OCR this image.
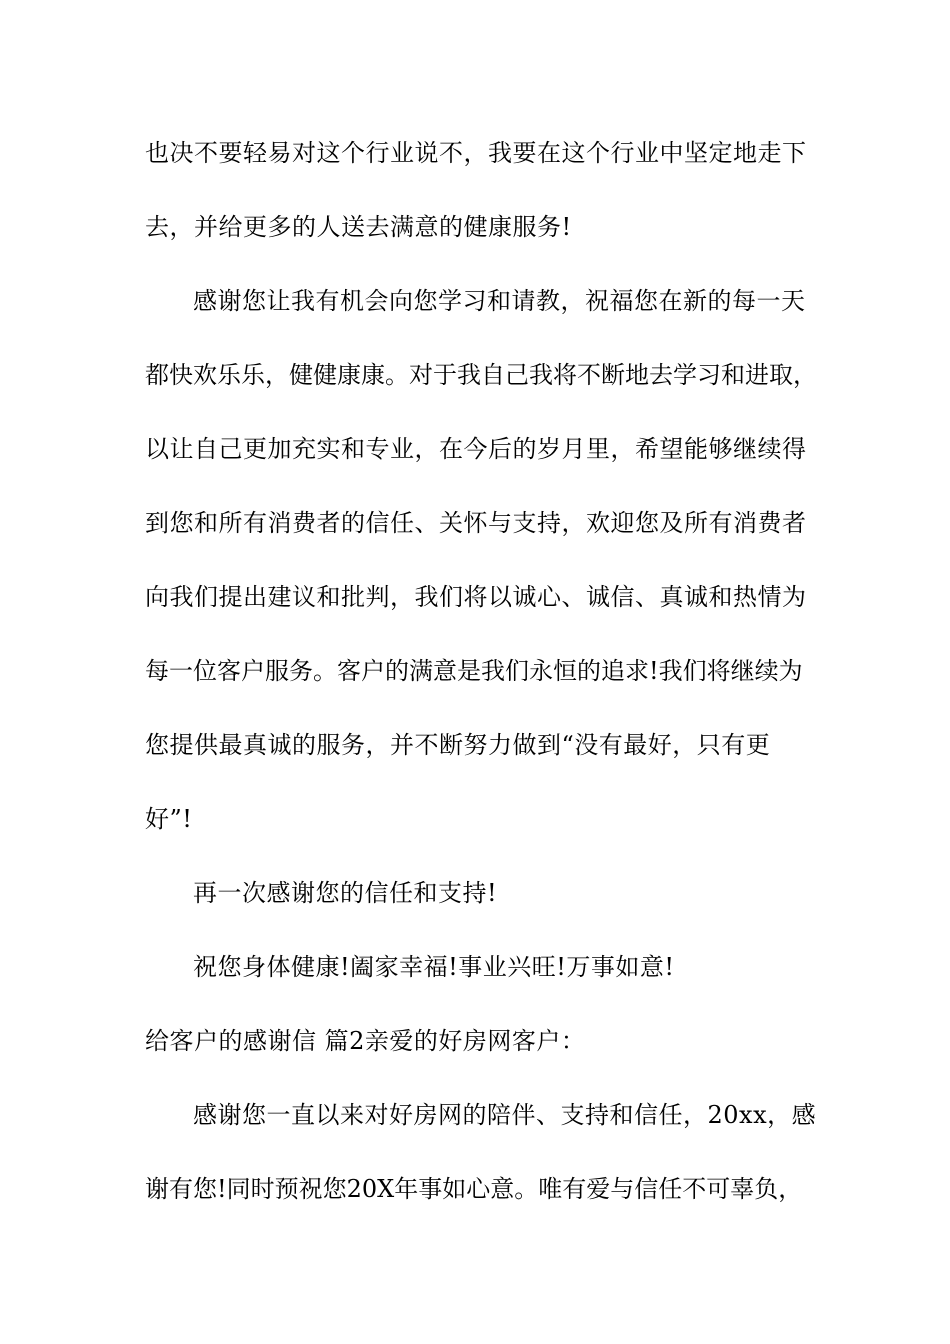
也决不要轻易对这个行业说不，我要在这个行业中坚定地走下
去，并给更多的人送去满意的健康服务!
感谢您让我有机会向您学习和请教，祝福您在新的每一天
都快欢乐乐，健健康康。对于我自己我将不断地去学习和进取，
以让自己更加充实和专业，在今后的岁月里，希望能够继续得
到您和所有消费者的信任、关怀与支持，欢迎您及所有消费者
向我们提出建议和批判，我们将以诚心、诚信、真诚和热情为
每一位客户服务。客户的满意是我们永恒的追求!我们将继续为
您提供最真诚的服务，并不断努力做到“没有最好，只有更
好”!
再一次感谢您的信任和支持!
祝您身体健康!阖家幸福!事业兴旺!万事如意!
给客户的感谢信 篇2亲爱的好房网客户：
感谢您一直以来对好房网的陪伴、支持和信任，20xx，感
谢有您!同时预祝您20X年事如心意。唯有爱与信任不可辜负，
